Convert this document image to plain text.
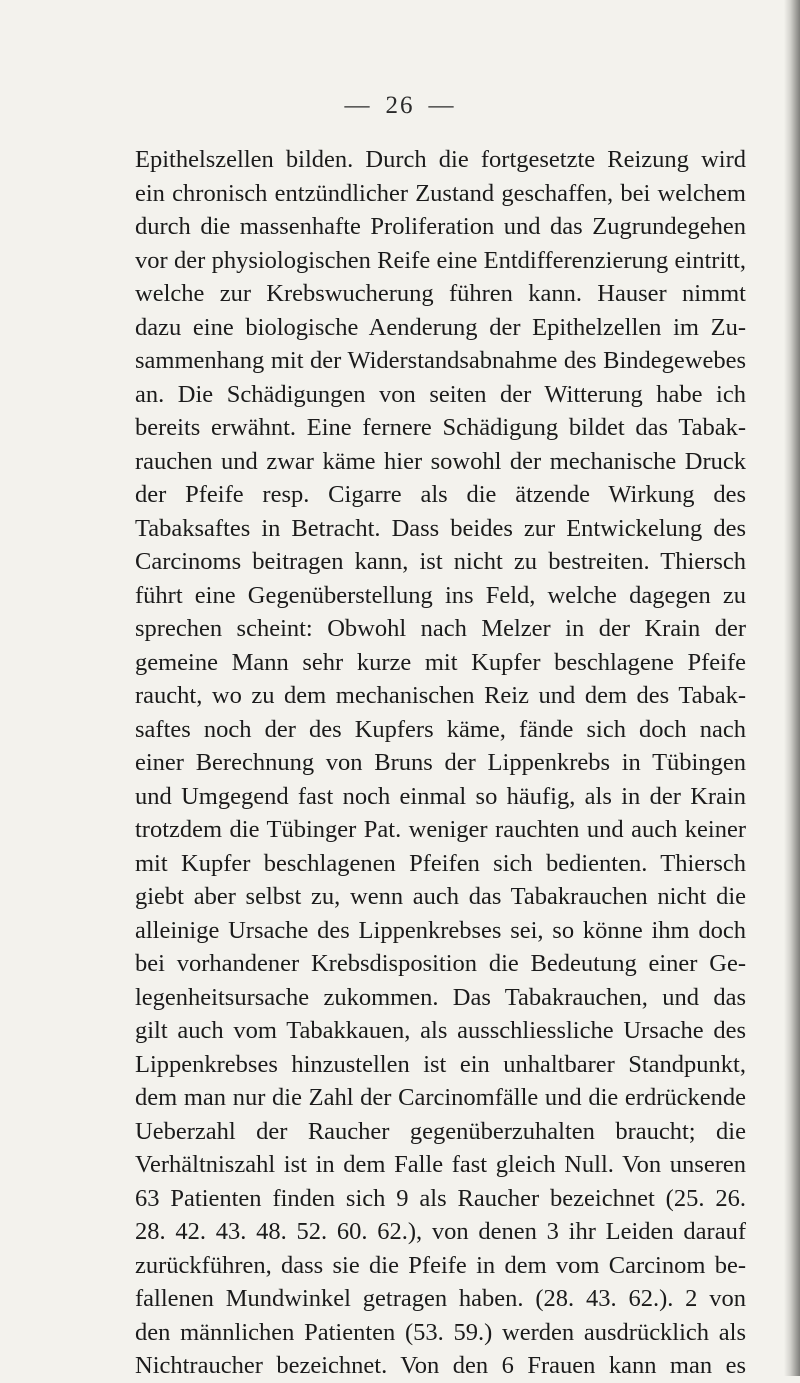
— 26 —
Epithelszellen bilden. Durch die fortgesetzte Reizung wird
ein chronisch entzündlicher Zustand geschaffen, bei welchem
durch die massenhafte Proliferation und das Zugrundegehen
vor der physiologischen Reife eine Entdifferenzierung eintritt,
welche zur Krebswucherung führen kann. Hauser nimmt
dazu eine biologische Aenderung der Epithelzellen im Zu-
sammenhang mit der Widerstandsabnahme des Bindegewebes
an. Die Schädigungen von seiten der Witterung habe ich
bereits erwähnt. Eine fernere Schädigung bildet das Tabak-
rauchen und zwar käme hier sowohl der mechanische Druck
der Pfeife resp. Cigarre als die ätzende Wirkung des
Tabaksaftes in Betracht. Dass beides zur Entwickelung des
Carcinoms beitragen kann, ist nicht zu bestreiten. Thiersch
führt eine Gegenüberstellung ins Feld, welche dagegen zu
sprechen scheint: Obwohl nach Melzer in der Krain der
gemeine Mann sehr kurze mit Kupfer beschlagene Pfeife
raucht, wo zu dem mechanischen Reiz und dem des Tabak-
saftes noch der des Kupfers käme, fände sich doch nach
einer Berechnung von Bruns der Lippenkrebs in Tübingen
und Umgegend fast noch einmal so häufig, als in der Krain
trotzdem die Tübinger Pat. weniger rauchten und auch keiner
mit Kupfer beschlagenen Pfeifen sich bedienten. Thiersch
giebt aber selbst zu, wenn auch das Tabakrauchen nicht die
alleinige Ursache des Lippenkrebses sei, so könne ihm doch
bei vorhandener Krebsdisposition die Bedeutung einer Ge-
legenheitsursache zukommen. Das Tabakrauchen, und das
gilt auch vom Tabakkauen, als ausschliessliche Ursache des
Lippenkrebses hinzustellen ist ein unhaltbarer Standpunkt,
dem man nur die Zahl der Carcinomfälle und die erdrückende
Ueberzahl der Raucher gegenüberzuhalten braucht; die
Verhältniszahl ist in dem Falle fast gleich Null. Von unseren
63 Patienten finden sich 9 als Raucher bezeichnet (25. 26.
28. 42. 43. 48. 52. 60. 62.), von denen 3 ihr Leiden darauf
zurückführen, dass sie die Pfeife in dem vom Carcinom be-
fallenen Mundwinkel getragen haben. (28. 43. 62.). 2 von
den männlichen Patienten (53. 59.) werden ausdrücklich als
Nichtraucher bezeichnet. Von den 6 Frauen kann man es
